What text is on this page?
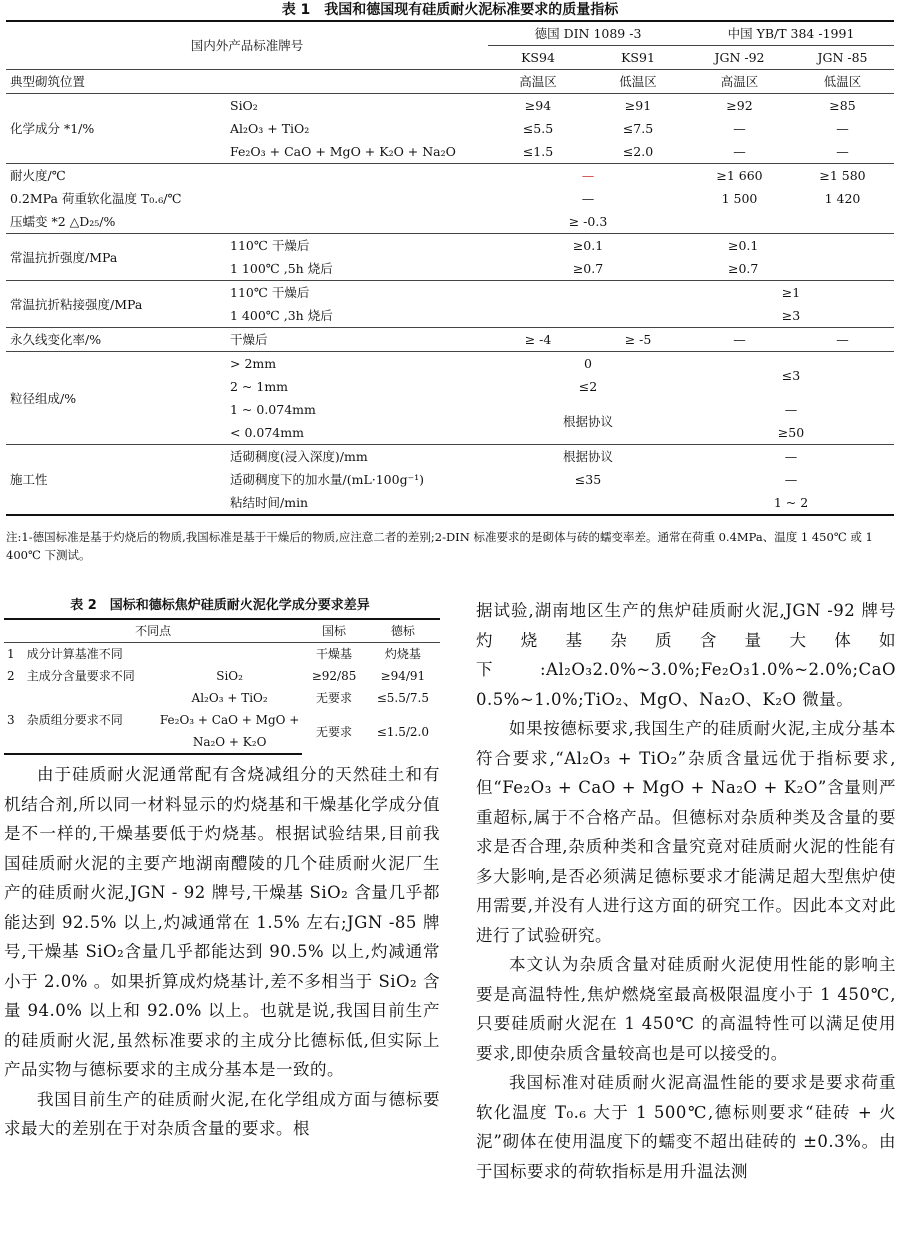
表 1　我国和德国现有硅质耐火泥标准要求的质量指标
国内外产品标准牌号		德国 DIN 1089 -3		中国 YB/T 384 -1991	
		KS94	KS91	JGN -92	JGN -85
典型砌筑位置		高温区	低温区	高温区	低温区
化学成分 *1/%	SiO₂	≥94	≥91	≥92	≥85
	Al₂O₃ + TiO₂	≤5.5	≤7.5	—	—
	Fe₂O₃ + CaO + MgO + K₂O + Na₂O	≤1.5	≤2.0	—	—
耐火度/℃		—		≥1 660	≥1 580
0.2MPa 荷重软化温度 T₀.₆/℃		—		1 500	1 420
压蠕变 *2 △D₂₅/%		≥ -0.3			
常温抗折强度/MPa	110℃ 干燥后	≥0.1		≥0.1	
	1 100℃ ,5h 烧后	≥0.7		≥0.7	
常温抗折粘接强度/MPa	110℃ 干燥后			≥1	
	1 400℃ ,3h 烧后			≥3	
永久线变化率/%	干燥后	≥ -4	≥ -5	—	—
粒径组成/%	> 2mm	0		≤3	
	2 ~ 1mm	≤2			
	1 ~ 0.074mm	根据协议		—	
	< 0.074mm			≥50	
施工性	适砌稠度(浸入深度)/mm	根据协议		—	
	适砌稠度下的加水量/(mL·100g⁻¹)	≤35		—	
	粘结时间/min			1 ~ 2	
注:1-德国标准是基于灼烧后的物质,我国标准是基于干燥后的物质,应注意二者的差别;2-DIN 标准要求的是砌体与砖的蠕变率差。通常在荷重 0.4MPa、温度 1 450℃ 或 1 400℃ 下测试。
表 2　国标和德标焦炉硅质耐火泥化学成分要求差异
不同点			国标	德标
1	成分计算基准不同		干燥基	灼烧基
2	主成分含量要求不同	SiO₂	≥92/85	≥94/91
		Al₂O₃ + TiO₂	无要求	≤5.5/7.5
3	杂质组分要求不同	Fe₂O₃ + CaO + MgO +	无要求	≤1.5/2.0
		Na₂O + K₂O		

由于硅质耐火泥通常配有含烧减组分的天然硅土和有机结合剂,所以同一材料显示的灼烧基和干燥基化学成分值是不一样的,干燥基要低于灼烧基。根据试验结果,目前我国硅质耐火泥的主要产地湖南醴陵的几个硅质耐火泥厂生产的硅质耐火泥,JGN - 92 牌号,干燥基 SiO₂ 含量几乎都能达到 92.5% 以上,灼减通常在 1.5% 左右;JGN -85 牌号,干燥基 SiO₂含量几乎都能达到 90.5% 以上,灼减通常小于 2.0% 。如果折算成灼烧基计,差不多相当于 SiO₂ 含量 94.0% 以上和 92.0% 以上。也就是说,我国目前生产的硅质耐火泥,虽然标准要求的主成分比德标低,但实际上产品实物与德标要求的主成分基本是一致的。

我国目前生产的硅质耐火泥,在化学组成方面与德标要求最大的差别在于对杂质含量的要求。根

据试验,湖南地区生产的焦炉硅质耐火泥,JGN -92 牌号灼烧基杂质含量大体如下:Al₂O₃2.0%~3.0%;Fe₂O₃1.0%~2.0%;CaO 0.5%~1.0%;TiO₂、MgO、Na₂O、K₂O 微量。

如果按德标要求,我国生产的硅质耐火泥,主成分基本符合要求,“Al₂O₃ + TiO₂”杂质含量远优于指标要求,但“Fe₂O₃ + CaO + MgO + Na₂O + K₂O”含量则严重超标,属于不合格产品。但德标对杂质种类及含量的要求是否合理,杂质种类和含量究竟对硅质耐火泥的性能有多大影响,是否必须满足德标要求才能满足超大型焦炉使用需要,并没有人进行这方面的研究工作。因此本文对此进行了试验研究。

本文认为杂质含量对硅质耐火泥使用性能的影响主要是高温特性,焦炉燃烧室最高极限温度小于 1 450℃,只要硅质耐火泥在 1 450℃ 的高温特性可以满足使用要求,即使杂质含量较高也是可以接受的。

我国标准对硅质耐火泥高温性能的要求是要求荷重软化温度 T₀.₆ 大于 1 500℃,德标则要求“硅砖 + 火泥”砌体在使用温度下的蠕变不超出硅砖的 ±0.3%。由于国标要求的荷软指标是用升温法测
